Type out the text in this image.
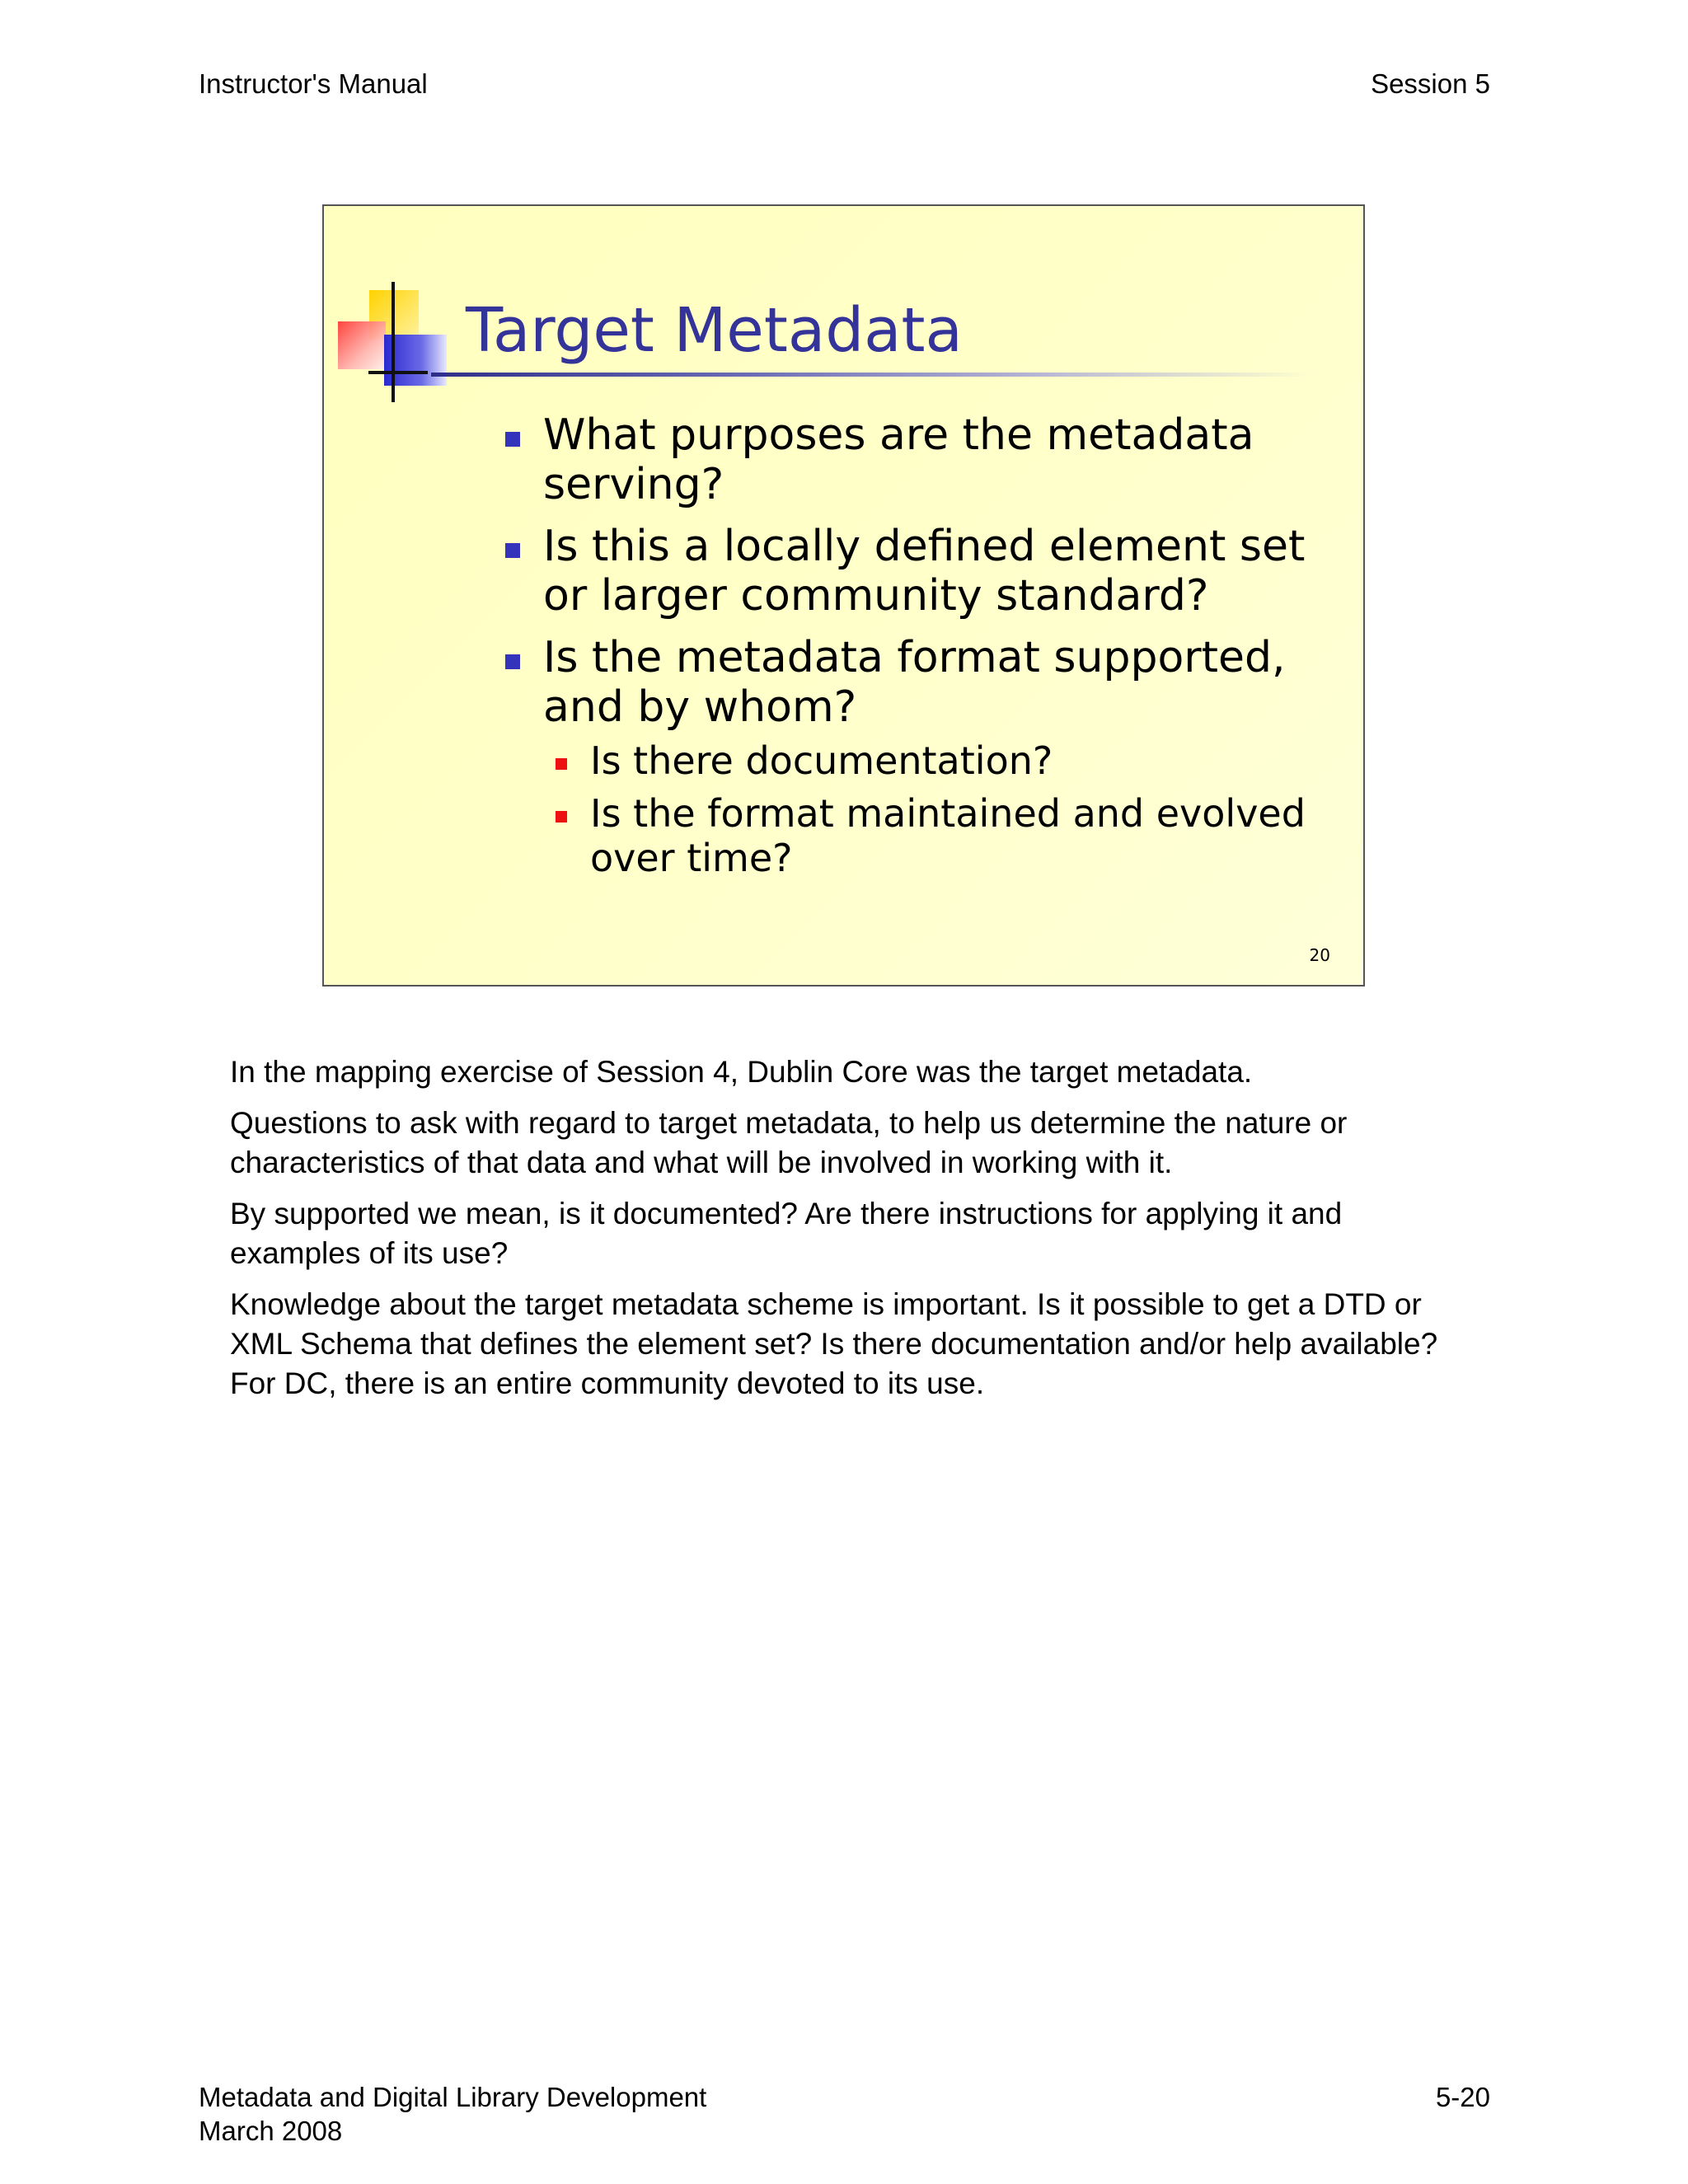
Instructor's Manual	Session 5
Target Metadata
What purposes are the metadata serving?
Is this a locally defined element set or larger community standard?
Is the metadata format supported, and by whom?
Is there documentation?
Is the format maintained and evolved over time?
20

In the mapping exercise of Session 4, Dublin Core was the target metadata.

Questions to ask with regard to target metadata, to help us determine the nature or characteristics of that data and what will be involved in working with it.

By supported we mean, is it documented? Are there instructions for applying it and examples of its use?

Knowledge about the target metadata scheme is important. Is it possible to get a DTD or XML Schema that defines the element set? Is there documentation and/or help available? For DC, there is an entire community devoted to its use.

Metadata and Digital Library Development
March 2008
5-20
